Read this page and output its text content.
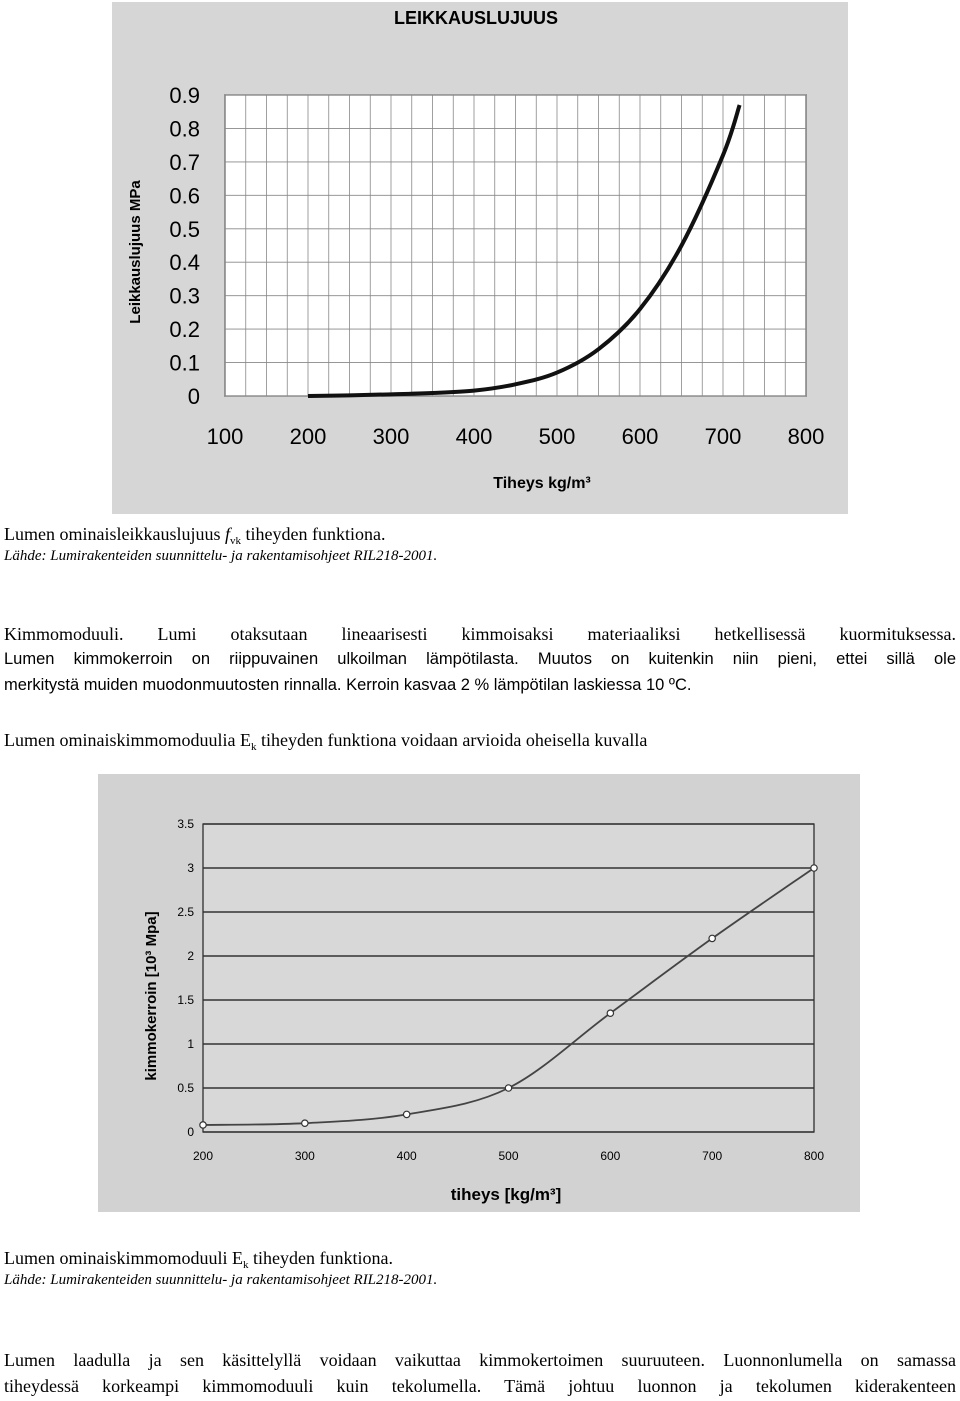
LEIKKAUSLUJUUS
0
0.1
0.2
0.3
0.4
0.5
0.6
0.7
0.8
0.9
100 200 300 400 500 600 700 800
Leikkauslujuus MPa
Tiheys kg/m³
Lumen ominaisleikkauslujuus $f_{vk}$ tiheyden funktiona.
Lähde: Lumirakenteiden suunnittelu- ja rakentamisohjeet RIL218-2001.
Kimmomoduuli. Lumi otaksutaan lineaarisesti kimmoisaksi materiaaliksi hetkellisessä kuormituksessa.
Lumen kimmokerroin on riippuvainen ulkoilman lämpötilasta. Muutos on kuitenkin niin pieni, ettei sillä ole
merkitystä muiden muodonmuutosten rinnalla. Kerroin kasvaa 2 % lämpötilan laskiessa 10 ºC.
Lumen ominaiskimmomoduulia $E_k$ tiheyden funktiona voidaan arvioida oheisella kuvalla
0
0.5
1
1.5
2
2.5
3
3.5
200	300	400	500	600	700	800
kimmokerroin [10³ Mpa]
tiheys [kg/m³]
Lumen ominaiskimmomoduuli $E_k$ tiheyden funktiona.
Lähde: Lumirakenteiden suunnittelu- ja rakentamisohjeet RIL218-2001.
Lumen laadulla ja sen käsittelyllä voidaan vaikuttaa kimmokertoimen suuruuteen. Luonnonlumella on samassa
tiheydessä korkeampi kimmomoduuli kuin tekolumella. Tämä johtuu luonnon ja tekolumen kiderakenteen
